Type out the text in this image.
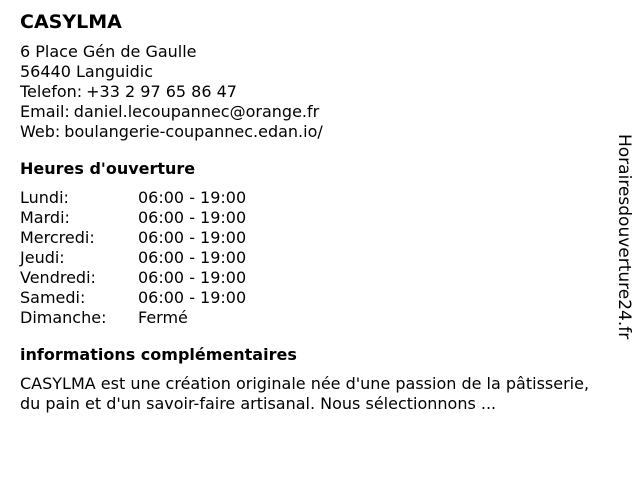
CASYLMA
6 Place Gén de Gaulle
56440 Languidic
Telefon: +33 2 97 65 86 47
Email: daniel.lecoupannec@orange.fr
Web: boulangerie-coupannec.edan.io/
Heures d'ouverture
Lundi:	06:00 - 19:00
Mardi:	06:00 - 19:00
Mercredi:	06:00 - 19:00
Jeudi:	06:00 - 19:00
Vendredi:	06:00 - 19:00
Samedi:	06:00 - 19:00
Dimanche:	Fermé
informations complémentaires

CASYLMA est une création originale née d'une passion de la pâtisserie, du pain et d'un savoir-faire artisanal. Nous sélectionnons ...

Horairesdouverture24.fr
